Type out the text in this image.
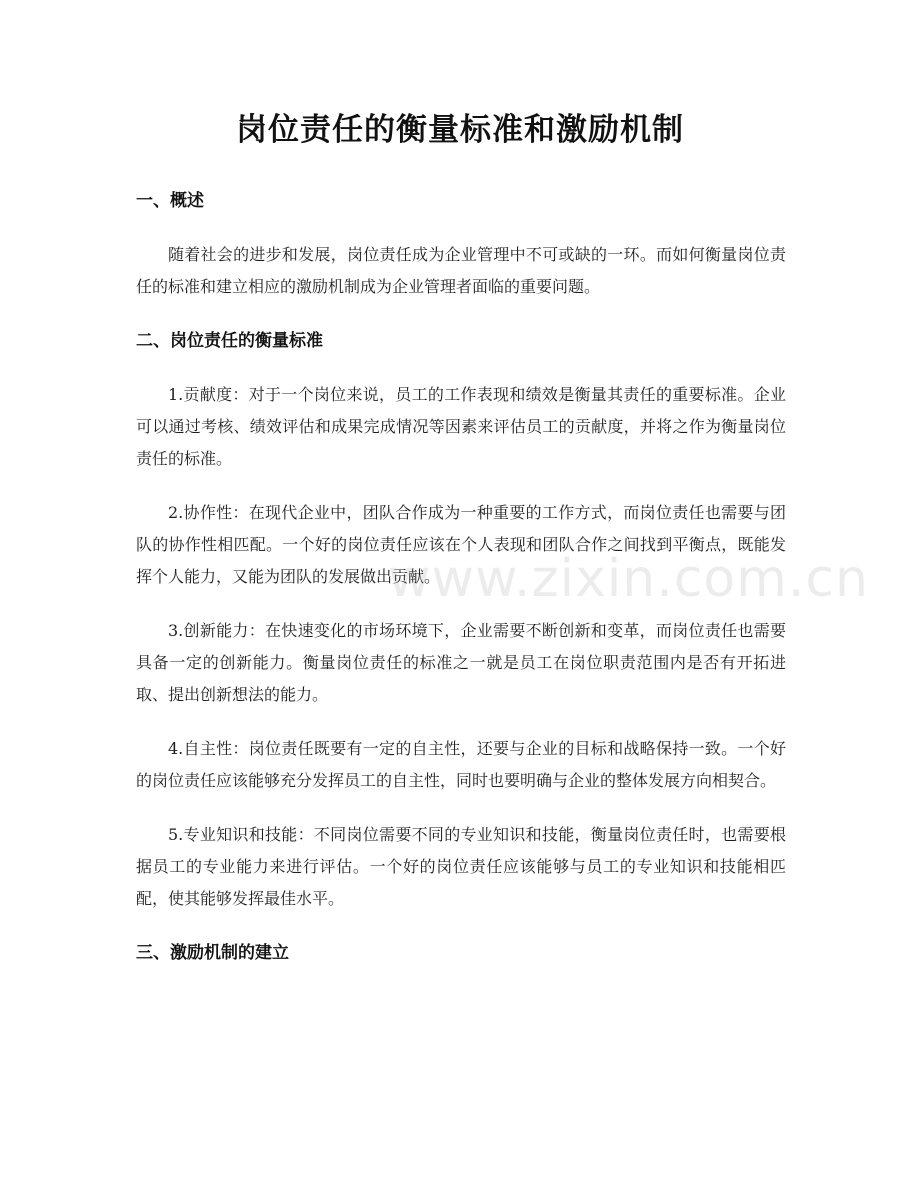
岗位责任的衡量标准和激励机制
一、概述

随着社会的进步和发展，岗位责任成为企业管理中不可或缺的一环。而如何衡量岗位责任的标准和建立相应的激励机制成为企业管理者面临的重要问题。

二、岗位责任的衡量标准

1.贡献度：对于一个岗位来说，员工的工作表现和绩效是衡量其责任的重要标准。企业可以通过考核、绩效评估和成果完成情况等因素来评估员工的贡献度，并将之作为衡量岗位责任的标准。

2.协作性：在现代企业中，团队合作成为一种重要的工作方式，而岗位责任也需要与团队的协作性相匹配。一个好的岗位责任应该在个人表现和团队合作之间找到平衡点，既能发挥个人能力，又能为团队的发展做出贡献。

3.创新能力：在快速变化的市场环境下，企业需要不断创新和变革，而岗位责任也需要具备一定的创新能力。衡量岗位责任的标准之一就是员工在岗位职责范围内是否有开拓进取、提出创新想法的能力。

4.自主性：岗位责任既要有一定的自主性，还要与企业的目标和战略保持一致。一个好的岗位责任应该能够充分发挥员工的自主性，同时也要明确与企业的整体发展方向相契合。

5.专业知识和技能：不同岗位需要不同的专业知识和技能，衡量岗位责任时，也需要根据员工的专业能力来进行评估。一个好的岗位责任应该能够与员工的专业知识和技能相匹配，使其能够发挥最佳水平。

三、激励机制的建立
www.zixin.com.cn
